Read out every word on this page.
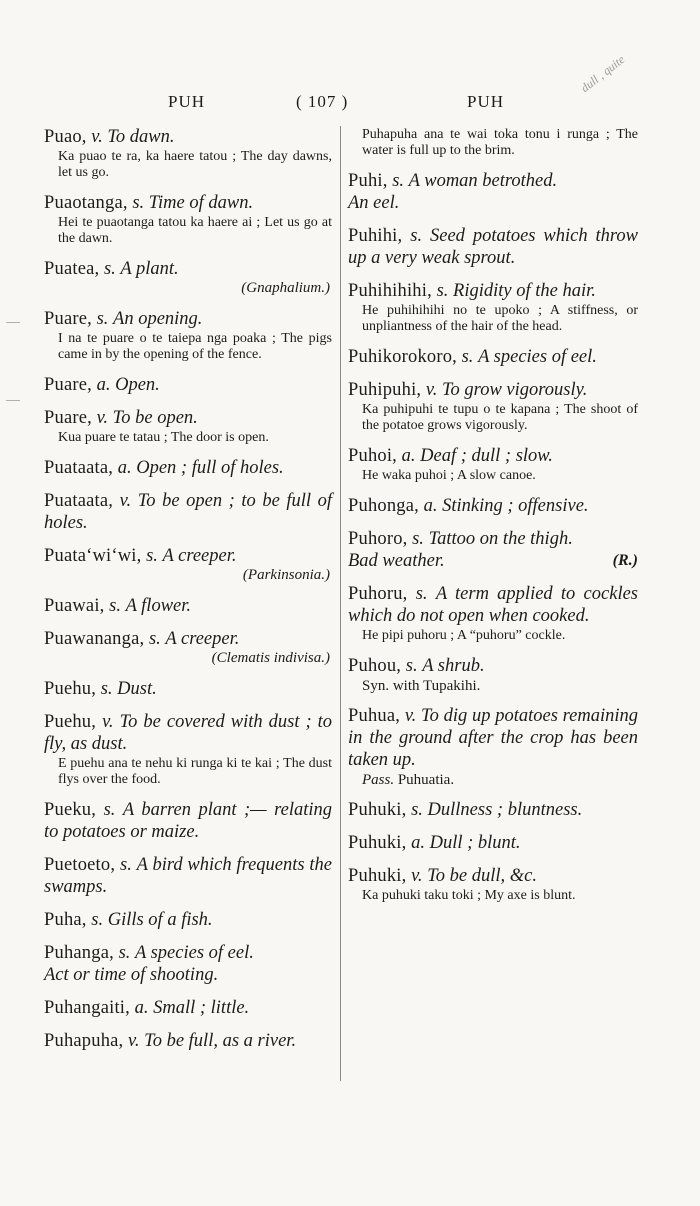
PUH	( 107 )	PUH
dull , quite
Puao, v. To dawn.
Ka puao te ra, ka haere tatou ; The day dawns, let us go.
Puaotanga, s. Time of dawn.
Hei te puaotanga tatou ka haere ai ; Let us go at the dawn.
Puatea, s. A plant.
(Gnaphalium.)
Puare, s. An opening.
I na te puare o te taiepa nga poaka ; The pigs came in by the opening of the fence.
Puare, a. Open.
Puare, v. To be open.
Kua puare te tatau ; The door is open.
Puataata, a. Open ; full of holes.
Puataata, v. To be open ; to be full of holes.
Puata‘wi‘wi, s. A creeper.
(Parkinsonia.)
Puawai, s. A flower.
Puawananga, s. A creeper.
(Clematis indivisa.)
Puehu, s. Dust.
Puehu, v. To be covered with dust ; to fly, as dust.
E puehu ana te nehu ki runga ki te kai ; The dust flys over the food.
Pueku, s. A barren plant ;— relating to potatoes or maize.
Puetoeto, s. A bird which frequents the swamps.
Puha, s. Gills of a fish.
Puhanga, s. A species of eel.
Act or time of shooting.
Puhangaiti, a. Small ; little.
Puhapuha, v. To be full, as a river.
Puhapuha ana te wai toka tonu i runga ; The water is full up to the brim.
Puhi, s. A woman betrothed.
An eel.
Puhihi, s. Seed potatoes which throw up a very weak sprout.
Puhihihihi, s. Rigidity of the hair.
He puhihihihi no te upoko ; A stiffness, or unpliantness of the hair of the head.
Puhikorokoro, s. A species of eel.
Puhipuhi, v. To grow vigorously.
Ka puhipuhi te tupu o te kapana ; The shoot of the potatoe grows vigorously.
Puhoi, a. Deaf ; dull ; slow.
He waka puhoi ; A slow canoe.
Puhonga, a. Stinking ; offensive.
Puhoro, s. Tattoo on the thigh.
(R.)
Bad weather.
Puhoru, s. A term applied to cockles which do not open when cooked.
He pipi puhoru ; A “puhoru” cockle.
Puhou, s. A shrub.
Syn. with Tupakihi.
Puhua, v. To dig up potatoes remaining in the ground after the crop has been taken up.
Pass. Puhuatia.
Puhuki, s. Dullness ; bluntness.
Puhuki, a. Dull ; blunt.
Puhuki, v. To be dull, &c.
Ka puhuki taku toki ; My axe is blunt.
